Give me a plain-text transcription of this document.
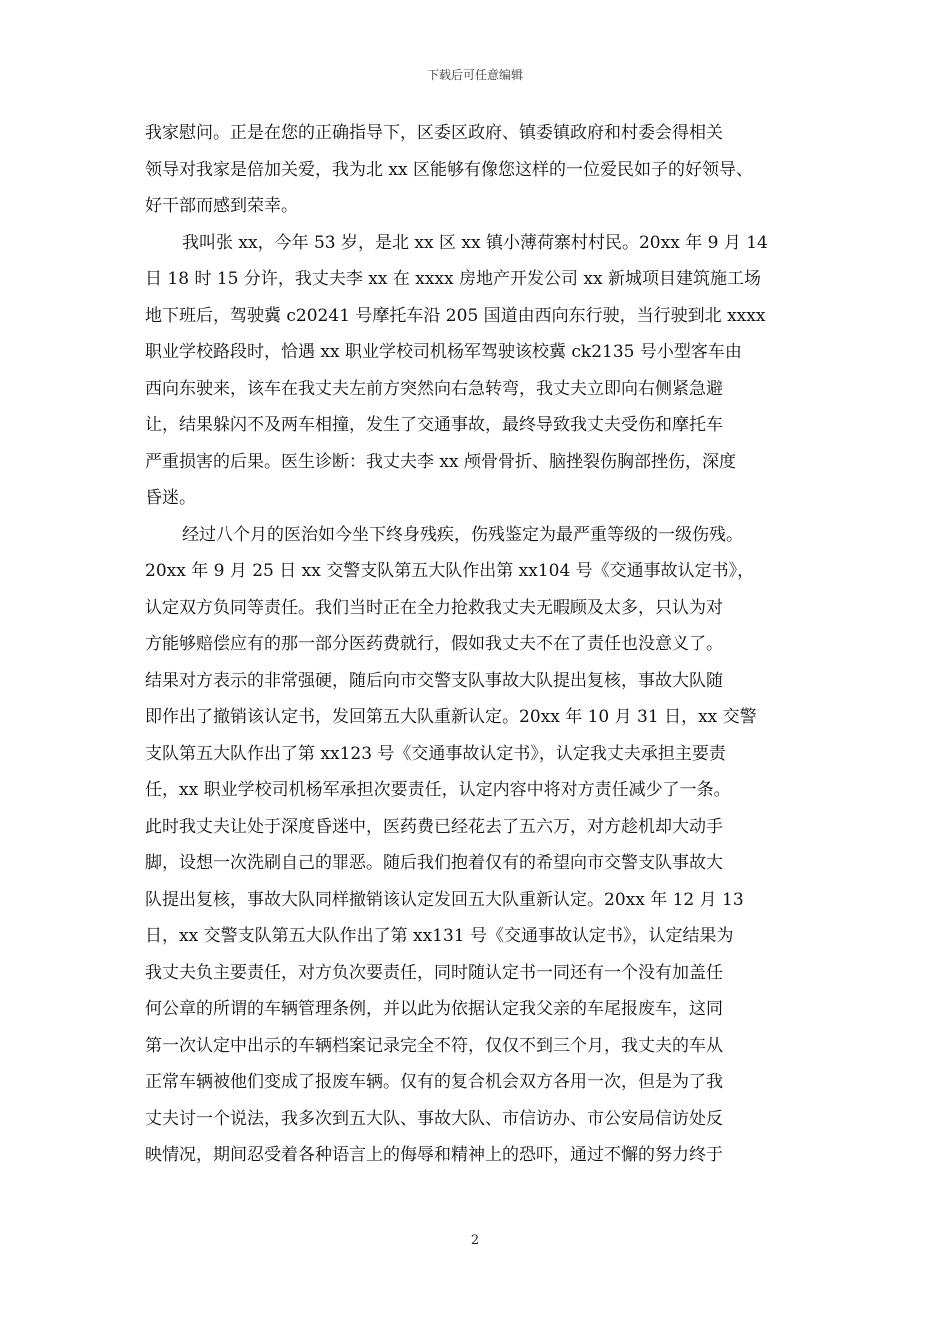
下载后可任意编辑
我家慰问。正是在您的正确指导下，区委区政府、镇委镇政府和村委会得相关
领导对我家是倍加关爱，我为北 xx 区能够有像您这样的一位爱民如子的好领导、
好干部而感到荣幸。
我叫张 xx，今年 53 岁，是北 xx 区 xx 镇小薄荷寨村村民。20xx 年 9 月 14
日 18 时 15 分许，我丈夫李 xx 在 xxxx 房地产开发公司 xx 新城项目建筑施工场
地下班后，驾驶冀 c20241 号摩托车沿 205 国道由西向东行驶，当行驶到北 xxxx
职业学校路段时，恰遇 xx 职业学校司机杨军驾驶该校冀 ck2135 号小型客车由
西向东驶来，该车在我丈夫左前方突然向右急转弯，我丈夫立即向右侧紧急避
让，结果躲闪不及两车相撞，发生了交通事故，最终导致我丈夫受伤和摩托车
严重损害的后果。医生诊断：我丈夫李 xx 颅骨骨折、脑挫裂伤胸部挫伤，深度
昏迷。
经过八个月的医治如今坐下终身残疾，伤残鉴定为最严重等级的一级伤残。
20xx 年 9 月 25 日 xx 交警支队第五大队作出第 xx104 号《交通事故认定书》，
认定双方负同等责任。我们当时正在全力抢救我丈夫无暇顾及太多，只认为对
方能够赔偿应有的那一部分医药费就行，假如我丈夫不在了责任也没意义了。
结果对方表示的非常强硬，随后向市交警支队事故大队提出复核，事故大队随
即作出了撤销该认定书，发回第五大队重新认定。20xx 年 10 月 31 日，xx 交警
支队第五大队作出了第 xx123 号《交通事故认定书》，认定我丈夫承担主要责
任，xx 职业学校司机杨军承担次要责任，认定内容中将对方责任减少了一条。
此时我丈夫让处于深度昏迷中，医药费已经花去了五六万，对方趁机却大动手
脚，设想一次洗刷自己的罪恶。随后我们抱着仅有的希望向市交警支队事故大
队提出复核，事故大队同样撤销该认定发回五大队重新认定。20xx 年 12 月 13
日，xx 交警支队第五大队作出了第 xx131 号《交通事故认定书》，认定结果为
我丈夫负主要责任，对方负次要责任，同时随认定书一同还有一个没有加盖任
何公章的所谓的车辆管理条例，并以此为依据认定我父亲的车尾报废车，这同
第一次认定中出示的车辆档案记录完全不符，仅仅不到三个月，我丈夫的车从
正常车辆被他们变成了报废车辆。仅有的复合机会双方各用一次，但是为了我
丈夫讨一个说法，我多次到五大队、事故大队、市信访办、市公安局信访处反
映情况，期间忍受着各种语言上的侮辱和精神上的恐吓，通过不懈的努力终于
2
